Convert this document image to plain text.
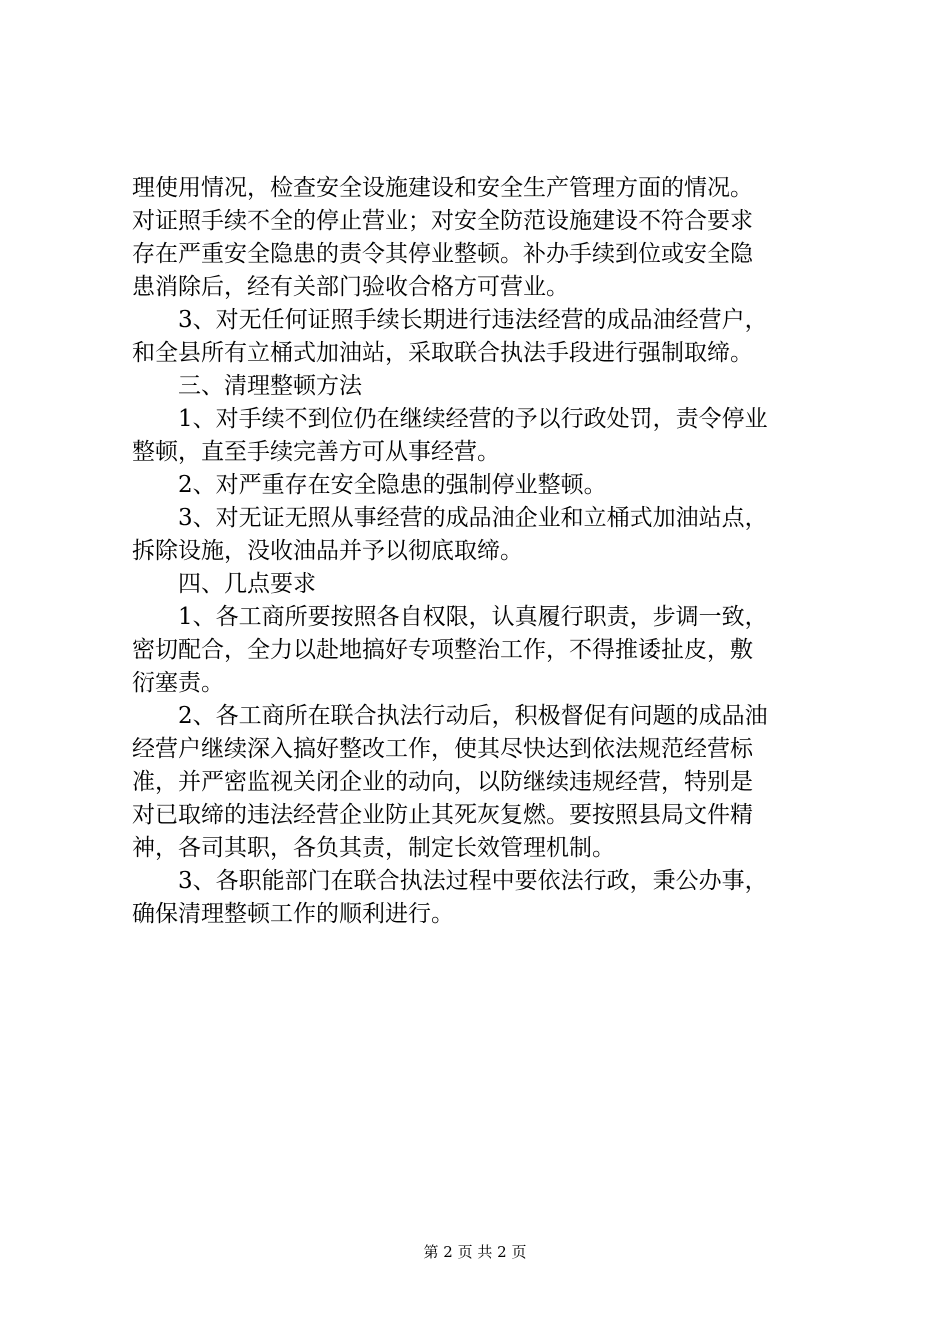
理使用情况，检查安全设施建设和安全生产管理方面的情况。
对证照手续不全的停止营业；对安全防范设施建设不符合要求
存在严重安全隐患的责令其停业整顿。补办手续到位或安全隐
患消除后，经有关部门验收合格方可营业。
3、对无任何证照手续长期进行违法经营的成品油经营户，
和全县所有立桶式加油站，采取联合执法手段进行强制取缔。
三、清理整顿方法
1、对手续不到位仍在继续经营的予以行政处罚，责令停业
整顿，直至手续完善方可从事经营。
2、对严重存在安全隐患的强制停业整顿。
3、对无证无照从事经营的成品油企业和立桶式加油站点，
拆除设施，没收油品并予以彻底取缔。
四、几点要求
1、各工商所要按照各自权限，认真履行职责，步调一致，
密切配合，全力以赴地搞好专项整治工作，不得推诿扯皮，敷
衍塞责。
2、各工商所在联合执法行动后，积极督促有问题的成品油
经营户继续深入搞好整改工作，使其尽快达到依法规范经营标
准，并严密监视关闭企业的动向，以防继续违规经营，特别是
对已取缔的违法经营企业防止其死灰复燃。要按照县局文件精
神，各司其职，各负其责，制定长效管理机制。
3、各职能部门在联合执法过程中要依法行政，秉公办事，
确保清理整顿工作的顺利进行。
第 2 页 共 2 页
